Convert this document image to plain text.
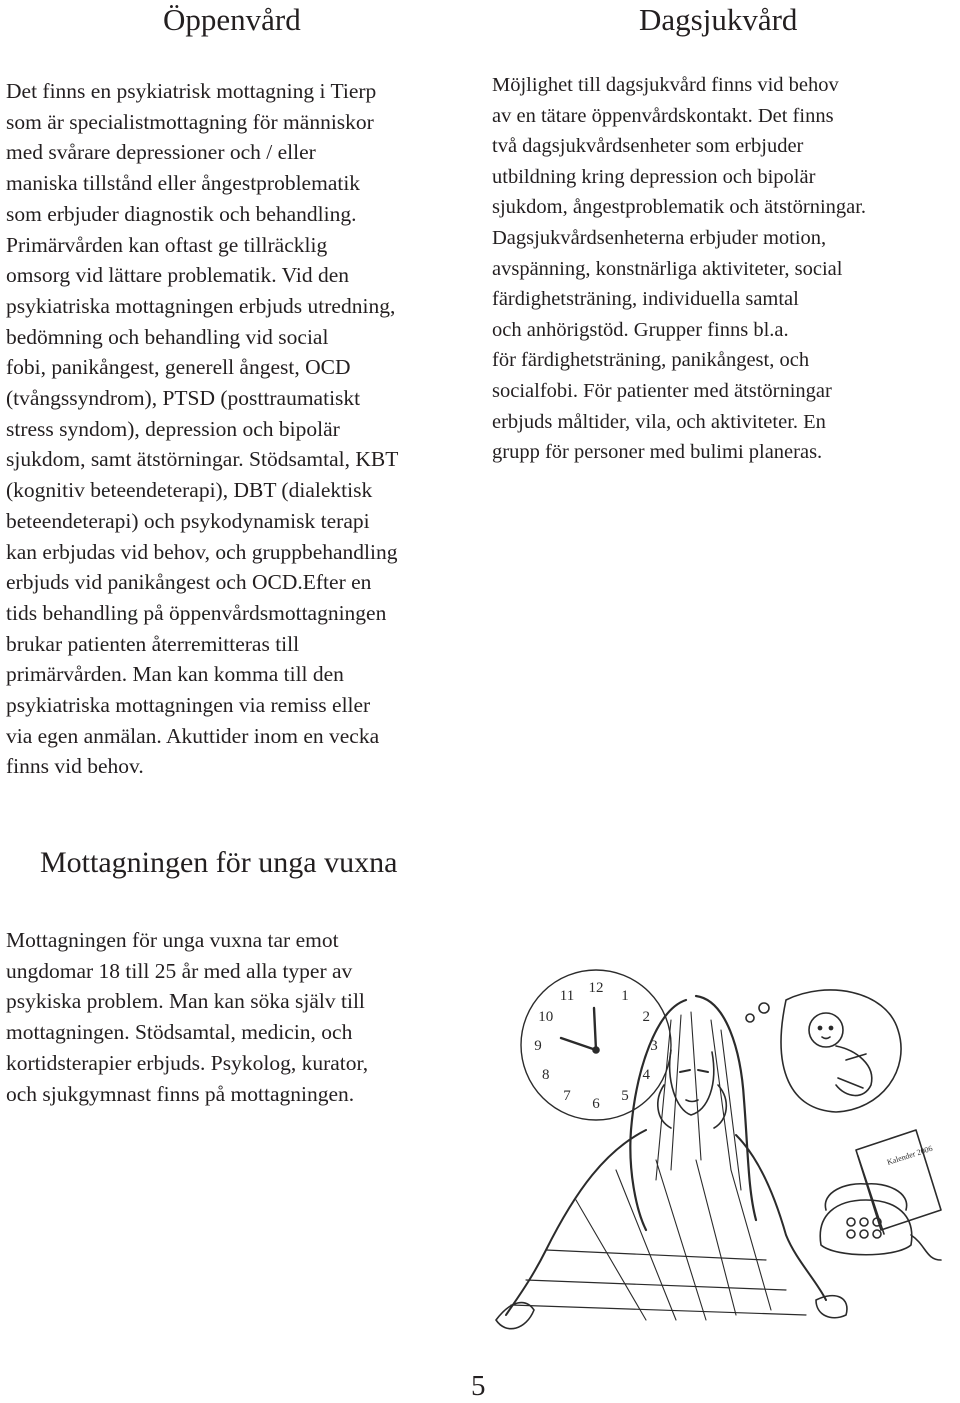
Öppenvård	Dagsjukvård
Mottagningen för unga vuxna

Det finns en psykiatrisk mottagning i Tierp
som är specialistmottagning för människor
med svårare depressioner och / eller
maniska tillstånd eller ångestproblematik
som erbjuder diagnostik och behandling.
Primärvården kan oftast ge tillräcklig
omsorg vid lättare problematik. Vid den
psykiatriska mottagningen erbjuds utredning,
bedömning och behandling vid social
fobi, panikångest, generell ångest, OCD
(tvångssyndrom), PTSD (posttraumatiskt
stress syndom), depression och bipolär
sjukdom, samt ätstörningar. Stödsamtal, KBT
(kognitiv beteendeterapi), DBT (dialektisk
beteendeterapi) och psykodynamisk terapi
kan erbjudas vid behov, och gruppbehandling
erbjuds vid panikångest och OCD.Efter en
tids behandling på öppenvårdsmottagningen
brukar patienten återremitteras till
primärvården. Man kan komma till den
psykiatriska mottagningen via remiss eller
via egen anmälan. Akuttider inom en vecka
finns vid behov.

Möjlighet till dagsjukvård finns vid behov
av en tätare öppenvårdskontakt. Det finns
två dagsjukvårdsenheter som erbjuder
utbildning kring depression och bipolär
sjukdom, ångestproblematik och ätstörningar.
Dagsjukvårdsenheterna erbjuder motion,
avspänning, konstnärliga aktiviteter, social
färdighetsträning, individuella samtal
och anhörigstöd. Grupper finns bl.a.
för färdighetsträning, panikångest, och
socialfobi. För patienter med ätstörningar
erbjuds måltider, vila, och aktiviteter. En
grupp för personer med bulimi planeras.

Mottagningen för unga vuxna tar emot
ungdomar 18 till 25 år med alla typer av
psykiska problem. Man kan söka själv till
mottagningen. Stödsamtal, medicin, och
kortidsterapier erbjuds. Psykolog, kurator,
och sjukgymnast finns på mottagningen.

12 1
2
3
4
5
6
7
8
9
10
11
Kalender 2006
5
